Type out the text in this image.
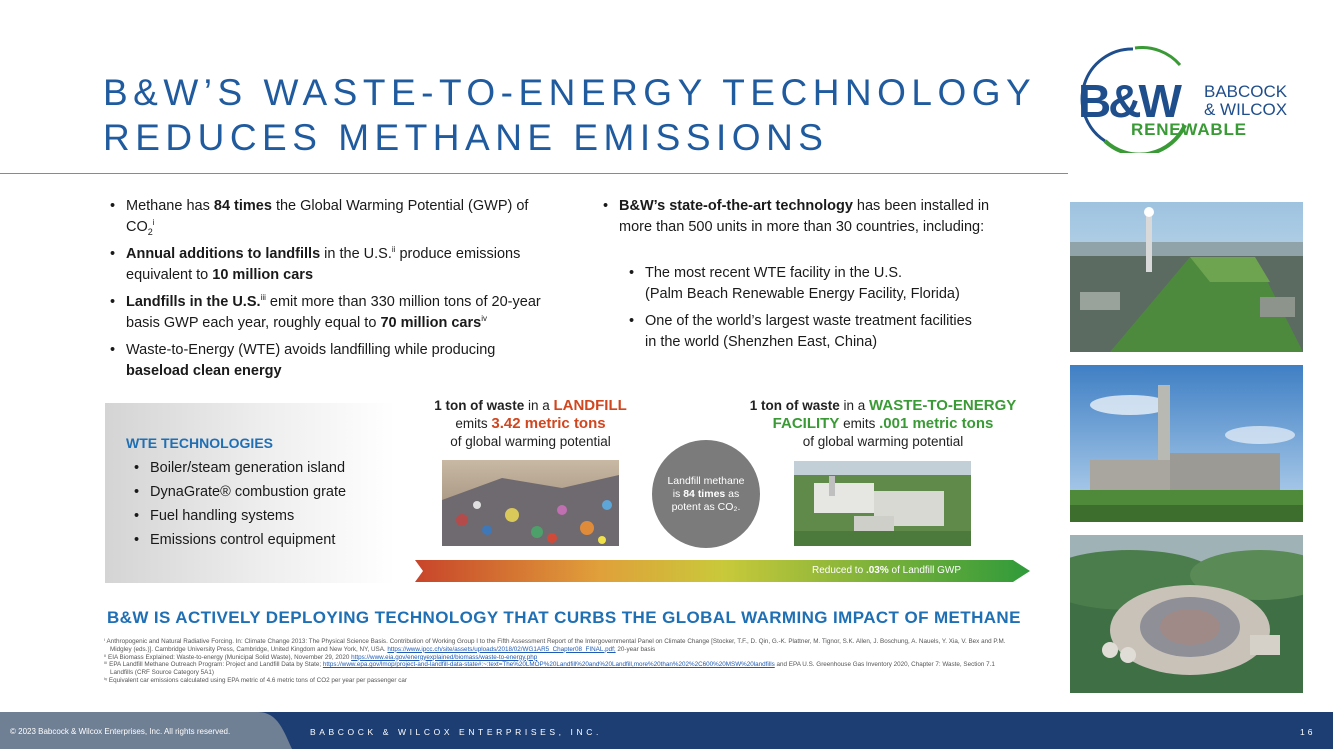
B&W’S WASTE-TO-ENERGY TECHNOLOGY
REDUCES METHANE EMISSIONS
B&W BABCOCK
& WILCOX
RENEWABLE
• Methane has 84 times the Global Warming Potential (GWP) of $CO_2^i$
• Annual additions to landfills in the U.S.$^{ii}$ produce emissions equivalent to 10 million cars
• Landfills in the U.S.$^{iii}$ emit more than 330 million tons of 20-year basis GWP each year, roughly equal to 70 million cars$^{iv}$
• Waste-to-Energy (WTE) avoids landfilling while producing baseload clean energy
• B&W’s state-of-the-art technology has been installed in more than 500 units in more than 30 countries, including:
• The most recent WTE facility in the U.S.
(Palm Beach Renewable Energy Facility, Florida)
• One of the world’s largest waste treatment facilities
in the world (Shenzhen East, China)
WTE TECHNOLOGIES
• Boiler/steam generation island
• DynaGrate® combustion grate
• Fuel handling systems
• Emissions control equipment
1 ton of waste in a LANDFILL
emits 3.42 metric tons
of global warming potential
1 ton of waste in a WASTE-TO-ENERGY
FACILITY emits .001 metric tons
of global warming potential
Landfill methane
is 84 times as
potent as CO₂.
Reduced to .03% of Landfill GWP
B&W IS ACTIVELY DEPLOYING TECHNOLOGY THAT CURBS THE GLOBAL WARMING IMPACT OF METHANE

ⁱ Anthropogenic and Natural Radiative Forcing. In: Climate Change 2013: The Physical Science Basis. Contribution of Working Group I to the Fifth Assessment Report of the Intergovernmental Panel on Climate Change [Stocker, T.F., D. Qin, G.-K. Plattner, M. Tignor, S.K. Allen, J. Boschung, A. Nauels, Y. Xia, V. Bex and P.M. Midgley (eds.)]. Cambridge University Press, Cambridge, United Kingdom and New York, NY, USA. https://www.ipcc.ch/site/assets/uploads/2018/02/WG1AR5_Chapter08_FINAL.pdf; 20-year basis

ⁱⁱ EIA Biomass Explained: Waste-to-energy (Municipal Solid Waste), November 29, 2020 https://www.eia.gov/energyexplained/biomass/waste-to-energy.php

ⁱⁱⁱ EPA Landfill Methane Outreach Program: Project and Landfill Data by State; https://www.epa.gov/lmop/project-and-landfill-data-state#:~:text=The%20LMOP%20Landfill%20and%20Landfill,more%20than%202%2C600%20MSW%20landfills and EPA U.S. Greenhouse Gas Inventory 2020, Chapter 7: Waste, Section 7.1 Landfills (CRF Source Category 5A1)

ⁱᵛ Equivalent car emissions calculated using EPA metric of 4.6 metric tons of CO2 per year per passenger car

© 2023 Babcock & Wilcox Enterprises, Inc. All rights reserved.	BABCOCK & WILCOX ENTERPRISES, INC.	16
